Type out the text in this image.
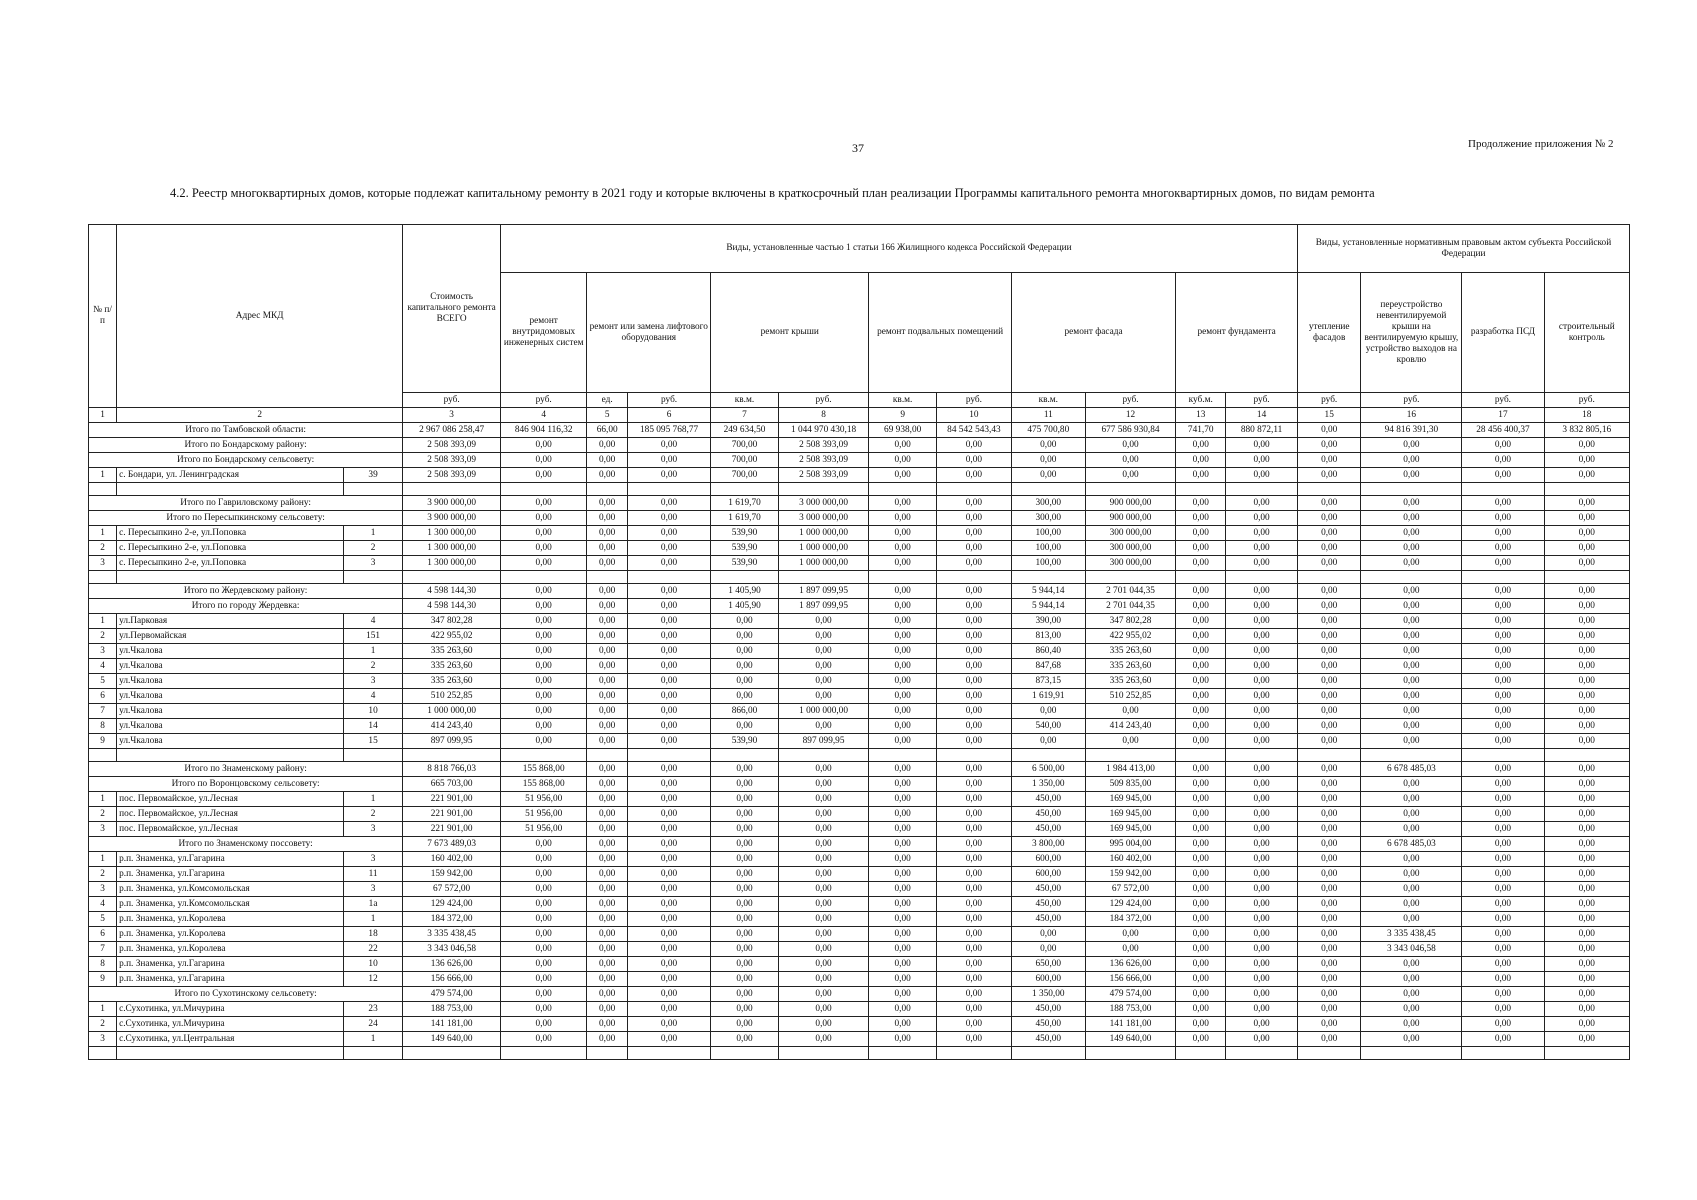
37	Продолжение приложения № 2
4.2. Реестр многоквартирных домов, которые подлежат капитальному ремонту в 2021 году и которые включены в краткосрочный план реализации Программы капитального ремонта многоквартирных домов, по видам ремонта
№ п/п	Адрес МКД		Стоимость капитального ремонта ВСЕГО	Виды, установленные частью 1 статьи 166 Жилищного кодекса Российской Федерации											Виды, установленные нормативным правовым актом субъекта Российской Федерации			
				ремонт внутридомовых инженерных систем	ремонт или замена лифтового оборудования		ремонт крыши		ремонт подвальных помещений		ремонт фасада		ремонт фундамента		утепление фасадов	переустройство невентилируемой крыши на вентилируемую крышу, устройство выходов на кровлю	разработка ПСД	строительный контроль
			руб.	руб.	ед.	руб.	кв.м.	руб.	кв.м.	руб.	кв.м.	руб.	куб.м.	руб.	руб.	руб.	руб.	руб.
1	2		3	4	5	6	7	8	9	10	11	12	13	14	15	16	17	18
Итого по Тамбовской области:			2 967 086 258,47	846 904 116,32	66,00	185 095 768,77	249 634,50	1 044 970 430,18	69 938,00	84 542 543,43	475 700,80	677 586 930,84	741,70	880 872,11	0,00	94 816 391,30	28 456 400,37	3 832 805,16
Итого по Бондарскому району:			2 508 393,09	0,00	0,00	0,00	700,00	2 508 393,09	0,00	0,00	0,00	0,00	0,00	0,00	0,00	0,00	0,00	0,00
Итого по Бондарскому сельсовету:			2 508 393,09	0,00	0,00	0,00	700,00	2 508 393,09	0,00	0,00	0,00	0,00	0,00	0,00	0,00	0,00	0,00	0,00
1	с. Бондари, ул. Ленинградская	39	2 508 393,09	0,00	0,00	0,00	700,00	2 508 393,09	0,00	0,00	0,00	0,00	0,00	0,00	0,00	0,00	0,00	0,00

Итого по Гавриловскому району:			3 900 000,00	0,00	0,00	0,00	1 619,70	3 000 000,00	0,00	0,00	300,00	900 000,00	0,00	0,00	0,00	0,00	0,00	0,00
Итого по Пересыпкинскому сельсовету:			3 900 000,00	0,00	0,00	0,00	1 619,70	3 000 000,00	0,00	0,00	300,00	900 000,00	0,00	0,00	0,00	0,00	0,00	0,00
1	с. Пересыпкино 2-е, ул.Поповка	1	1 300 000,00	0,00	0,00	0,00	539,90	1 000 000,00	0,00	0,00	100,00	300 000,00	0,00	0,00	0,00	0,00	0,00	0,00
2	с. Пересыпкино 2-е, ул.Поповка	2	1 300 000,00	0,00	0,00	0,00	539,90	1 000 000,00	0,00	0,00	100,00	300 000,00	0,00	0,00	0,00	0,00	0,00	0,00
3	с. Пересыпкино 2-е, ул.Поповка	3	1 300 000,00	0,00	0,00	0,00	539,90	1 000 000,00	0,00	0,00	100,00	300 000,00	0,00	0,00	0,00	0,00	0,00	0,00

Итого по Жердевскому району:			4 598 144,30	0,00	0,00	0,00	1 405,90	1 897 099,95	0,00	0,00	5 944,14	2 701 044,35	0,00	0,00	0,00	0,00	0,00	0,00
Итого по городу Жердевка:			4 598 144,30	0,00	0,00	0,00	1 405,90	1 897 099,95	0,00	0,00	5 944,14	2 701 044,35	0,00	0,00	0,00	0,00	0,00	0,00
1	ул.Парковая	4	347 802,28	0,00	0,00	0,00	0,00	0,00	0,00	0,00	390,00	347 802,28	0,00	0,00	0,00	0,00	0,00	0,00
2	ул.Первомайская	151	422 955,02	0,00	0,00	0,00	0,00	0,00	0,00	0,00	813,00	422 955,02	0,00	0,00	0,00	0,00	0,00	0,00
3	ул.Чкалова	1	335 263,60	0,00	0,00	0,00	0,00	0,00	0,00	0,00	860,40	335 263,60	0,00	0,00	0,00	0,00	0,00	0,00
4	ул.Чкалова	2	335 263,60	0,00	0,00	0,00	0,00	0,00	0,00	0,00	847,68	335 263,60	0,00	0,00	0,00	0,00	0,00	0,00
5	ул.Чкалова	3	335 263,60	0,00	0,00	0,00	0,00	0,00	0,00	0,00	873,15	335 263,60	0,00	0,00	0,00	0,00	0,00	0,00
6	ул.Чкалова	4	510 252,85	0,00	0,00	0,00	0,00	0,00	0,00	0,00	1 619,91	510 252,85	0,00	0,00	0,00	0,00	0,00	0,00
7	ул.Чкалова	10	1 000 000,00	0,00	0,00	0,00	866,00	1 000 000,00	0,00	0,00	0,00	0,00	0,00	0,00	0,00	0,00	0,00	0,00
8	ул.Чкалова	14	414 243,40	0,00	0,00	0,00	0,00	0,00	0,00	0,00	540,00	414 243,40	0,00	0,00	0,00	0,00	0,00	0,00
9	ул.Чкалова	15	897 099,95	0,00	0,00	0,00	539,90	897 099,95	0,00	0,00	0,00	0,00	0,00	0,00	0,00	0,00	0,00	0,00

Итого по Знаменскому району:			8 818 766,03	155 868,00	0,00	0,00	0,00	0,00	0,00	0,00	6 500,00	1 984 413,00	0,00	0,00	0,00	6 678 485,03	0,00	0,00
Итого по Воронцовскому сельсовету:			665 703,00	155 868,00	0,00	0,00	0,00	0,00	0,00	0,00	1 350,00	509 835,00	0,00	0,00	0,00	0,00	0,00	0,00
1	пос. Первомайское, ул.Лесная	1	221 901,00	51 956,00	0,00	0,00	0,00	0,00	0,00	0,00	450,00	169 945,00	0,00	0,00	0,00	0,00	0,00	0,00
2	пос. Первомайское, ул.Лесная	2	221 901,00	51 956,00	0,00	0,00	0,00	0,00	0,00	0,00	450,00	169 945,00	0,00	0,00	0,00	0,00	0,00	0,00
3	пос. Первомайское, ул.Лесная	3	221 901,00	51 956,00	0,00	0,00	0,00	0,00	0,00	0,00	450,00	169 945,00	0,00	0,00	0,00	0,00	0,00	0,00
Итого по Знаменскому поссовету:			7 673 489,03	0,00	0,00	0,00	0,00	0,00	0,00	0,00	3 800,00	995 004,00	0,00	0,00	0,00	6 678 485,03	0,00	0,00
1	р.п. Знаменка, ул.Гагарина	3	160 402,00	0,00	0,00	0,00	0,00	0,00	0,00	0,00	600,00	160 402,00	0,00	0,00	0,00	0,00	0,00	0,00
2	р.п. Знаменка, ул.Гагарина	11	159 942,00	0,00	0,00	0,00	0,00	0,00	0,00	0,00	600,00	159 942,00	0,00	0,00	0,00	0,00	0,00	0,00
3	р.п. Знаменка, ул.Комсомольская	3	67 572,00	0,00	0,00	0,00	0,00	0,00	0,00	0,00	450,00	67 572,00	0,00	0,00	0,00	0,00	0,00	0,00
4	р.п. Знаменка, ул.Комсомольская	1а	129 424,00	0,00	0,00	0,00	0,00	0,00	0,00	0,00	450,00	129 424,00	0,00	0,00	0,00	0,00	0,00	0,00
5	р.п. Знаменка, ул.Королева	1	184 372,00	0,00	0,00	0,00	0,00	0,00	0,00	0,00	450,00	184 372,00	0,00	0,00	0,00	0,00	0,00	0,00
6	р.п. Знаменка, ул.Королева	18	3 335 438,45	0,00	0,00	0,00	0,00	0,00	0,00	0,00	0,00	0,00	0,00	0,00	0,00	3 335 438,45	0,00	0,00
7	р.п. Знаменка, ул.Королева	22	3 343 046,58	0,00	0,00	0,00	0,00	0,00	0,00	0,00	0,00	0,00	0,00	0,00	0,00	3 343 046,58	0,00	0,00
8	р.п. Знаменка, ул.Гагарина	10	136 626,00	0,00	0,00	0,00	0,00	0,00	0,00	0,00	650,00	136 626,00	0,00	0,00	0,00	0,00	0,00	0,00
9	р.п. Знаменка, ул.Гагарина	12	156 666,00	0,00	0,00	0,00	0,00	0,00	0,00	0,00	600,00	156 666,00	0,00	0,00	0,00	0,00	0,00	0,00
Итого по Сухотинскому сельсовету:			479 574,00	0,00	0,00	0,00	0,00	0,00	0,00	0,00	1 350,00	479 574,00	0,00	0,00	0,00	0,00	0,00	0,00
1	с.Сухотинка, ул.Мичурина	23	188 753,00	0,00	0,00	0,00	0,00	0,00	0,00	0,00	450,00	188 753,00	0,00	0,00	0,00	0,00	0,00	0,00
2	с.Сухотинка, ул.Мичурина	24	141 181,00	0,00	0,00	0,00	0,00	0,00	0,00	0,00	450,00	141 181,00	0,00	0,00	0,00	0,00	0,00	0,00
3	с.Сухотинка, ул.Центральная	1	149 640,00	0,00	0,00	0,00	0,00	0,00	0,00	0,00	450,00	149 640,00	0,00	0,00	0,00	0,00	0,00	0,00
